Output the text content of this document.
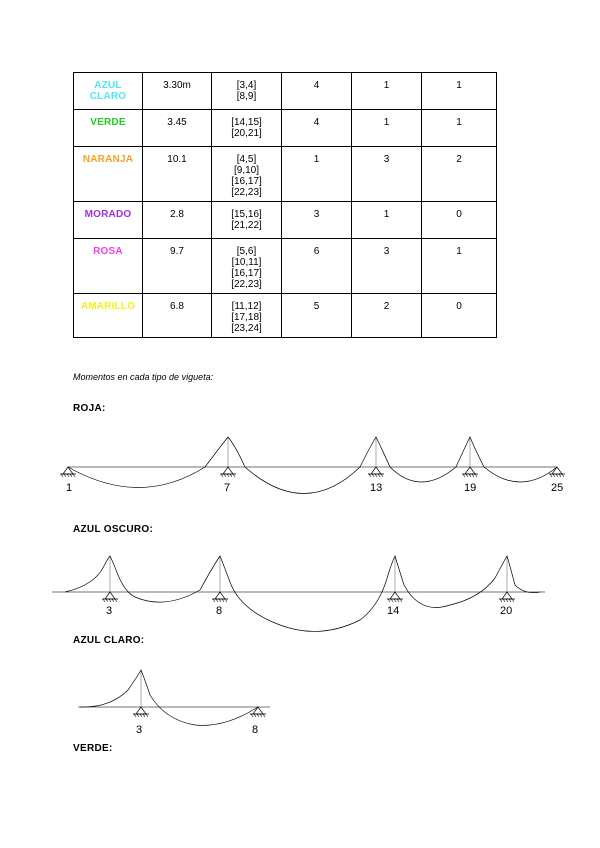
AZUL
CLARO	3.30m	[3,4]
[8,9]	4	1	1
VERDE	3.45	[14,15]
[20,21]	4	1	1
NARANJA	10.1	[4,5]
[9,10]
[16,17]
[22,23]	1	3	2
MORADO	2.8	[15,16]
[21,22]	3	1	0
ROSA	9.7	[5,6]
[10,11]
[16,17]
[22,23]	6	3	1
AMARILLO	6.8	[11,12]
[17,18]
[23,24]	5	2	0
Momentos en cada tipo de vigueta:
ROJA:
AZUL OSCURO:
AZUL CLARO:
VERDE:
1	7	13	19	25
3	8	14	20
3	8
